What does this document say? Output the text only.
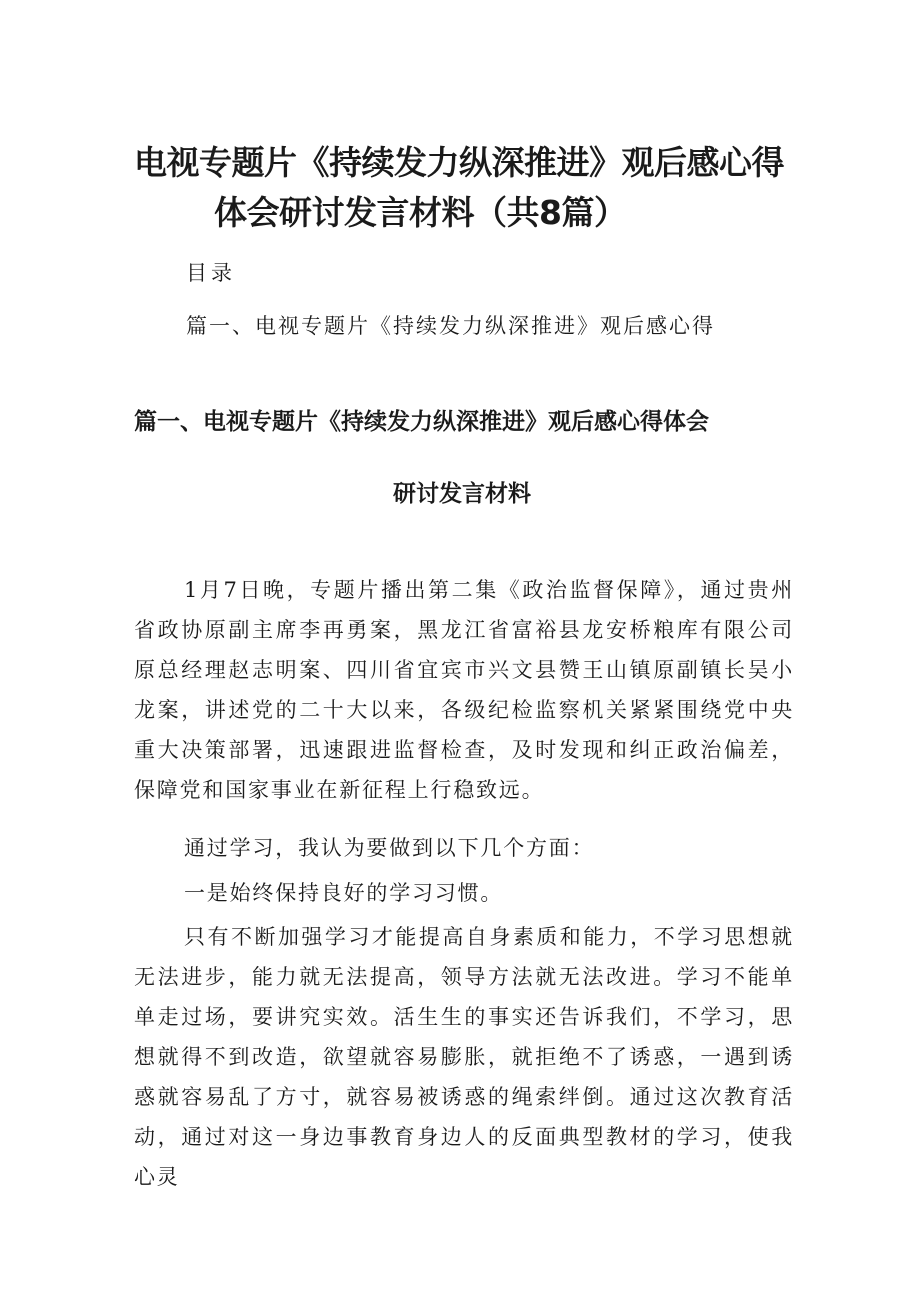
电视专题片《持续发力纵深推进》观后感心得
体会研讨发言材料（共8篇）
目录
篇一、电视专题片《持续发力纵深推进》观后感心得
篇一、电视专题片《持续发力纵深推进》观后感心得体会
研讨发言材料
1月7日晚，专题片播出第二集《政治监督保障》，通过贵州省政协原副主席李再勇案，黑龙江省富裕县龙安桥粮库有限公司原总经理赵志明案、四川省宜宾市兴文县赞王山镇原副镇长吴小龙案，讲述党的二十大以来，各级纪检监察机关紧紧围绕党中央重大决策部署，迅速跟进监督检查，及时发现和纠正政治偏差，保障党和国家事业在新征程上行稳致远。
通过学习，我认为要做到以下几个方面：
一是始终保持良好的学习习惯。
只有不断加强学习才能提高自身素质和能力，不学习思想就无法进步，能力就无法提高，领导方法就无法改进。学习不能单单走过场，要讲究实效。活生生的事实还告诉我们，不学习，思想就得不到改造，欲望就容易膨胀，就拒绝不了诱惑，一遇到诱惑就容易乱了方寸，就容易被诱惑的绳索绊倒。通过这次教育活动，通过对这一身边事教育身边人的反面典型教材的学习，使我心灵
